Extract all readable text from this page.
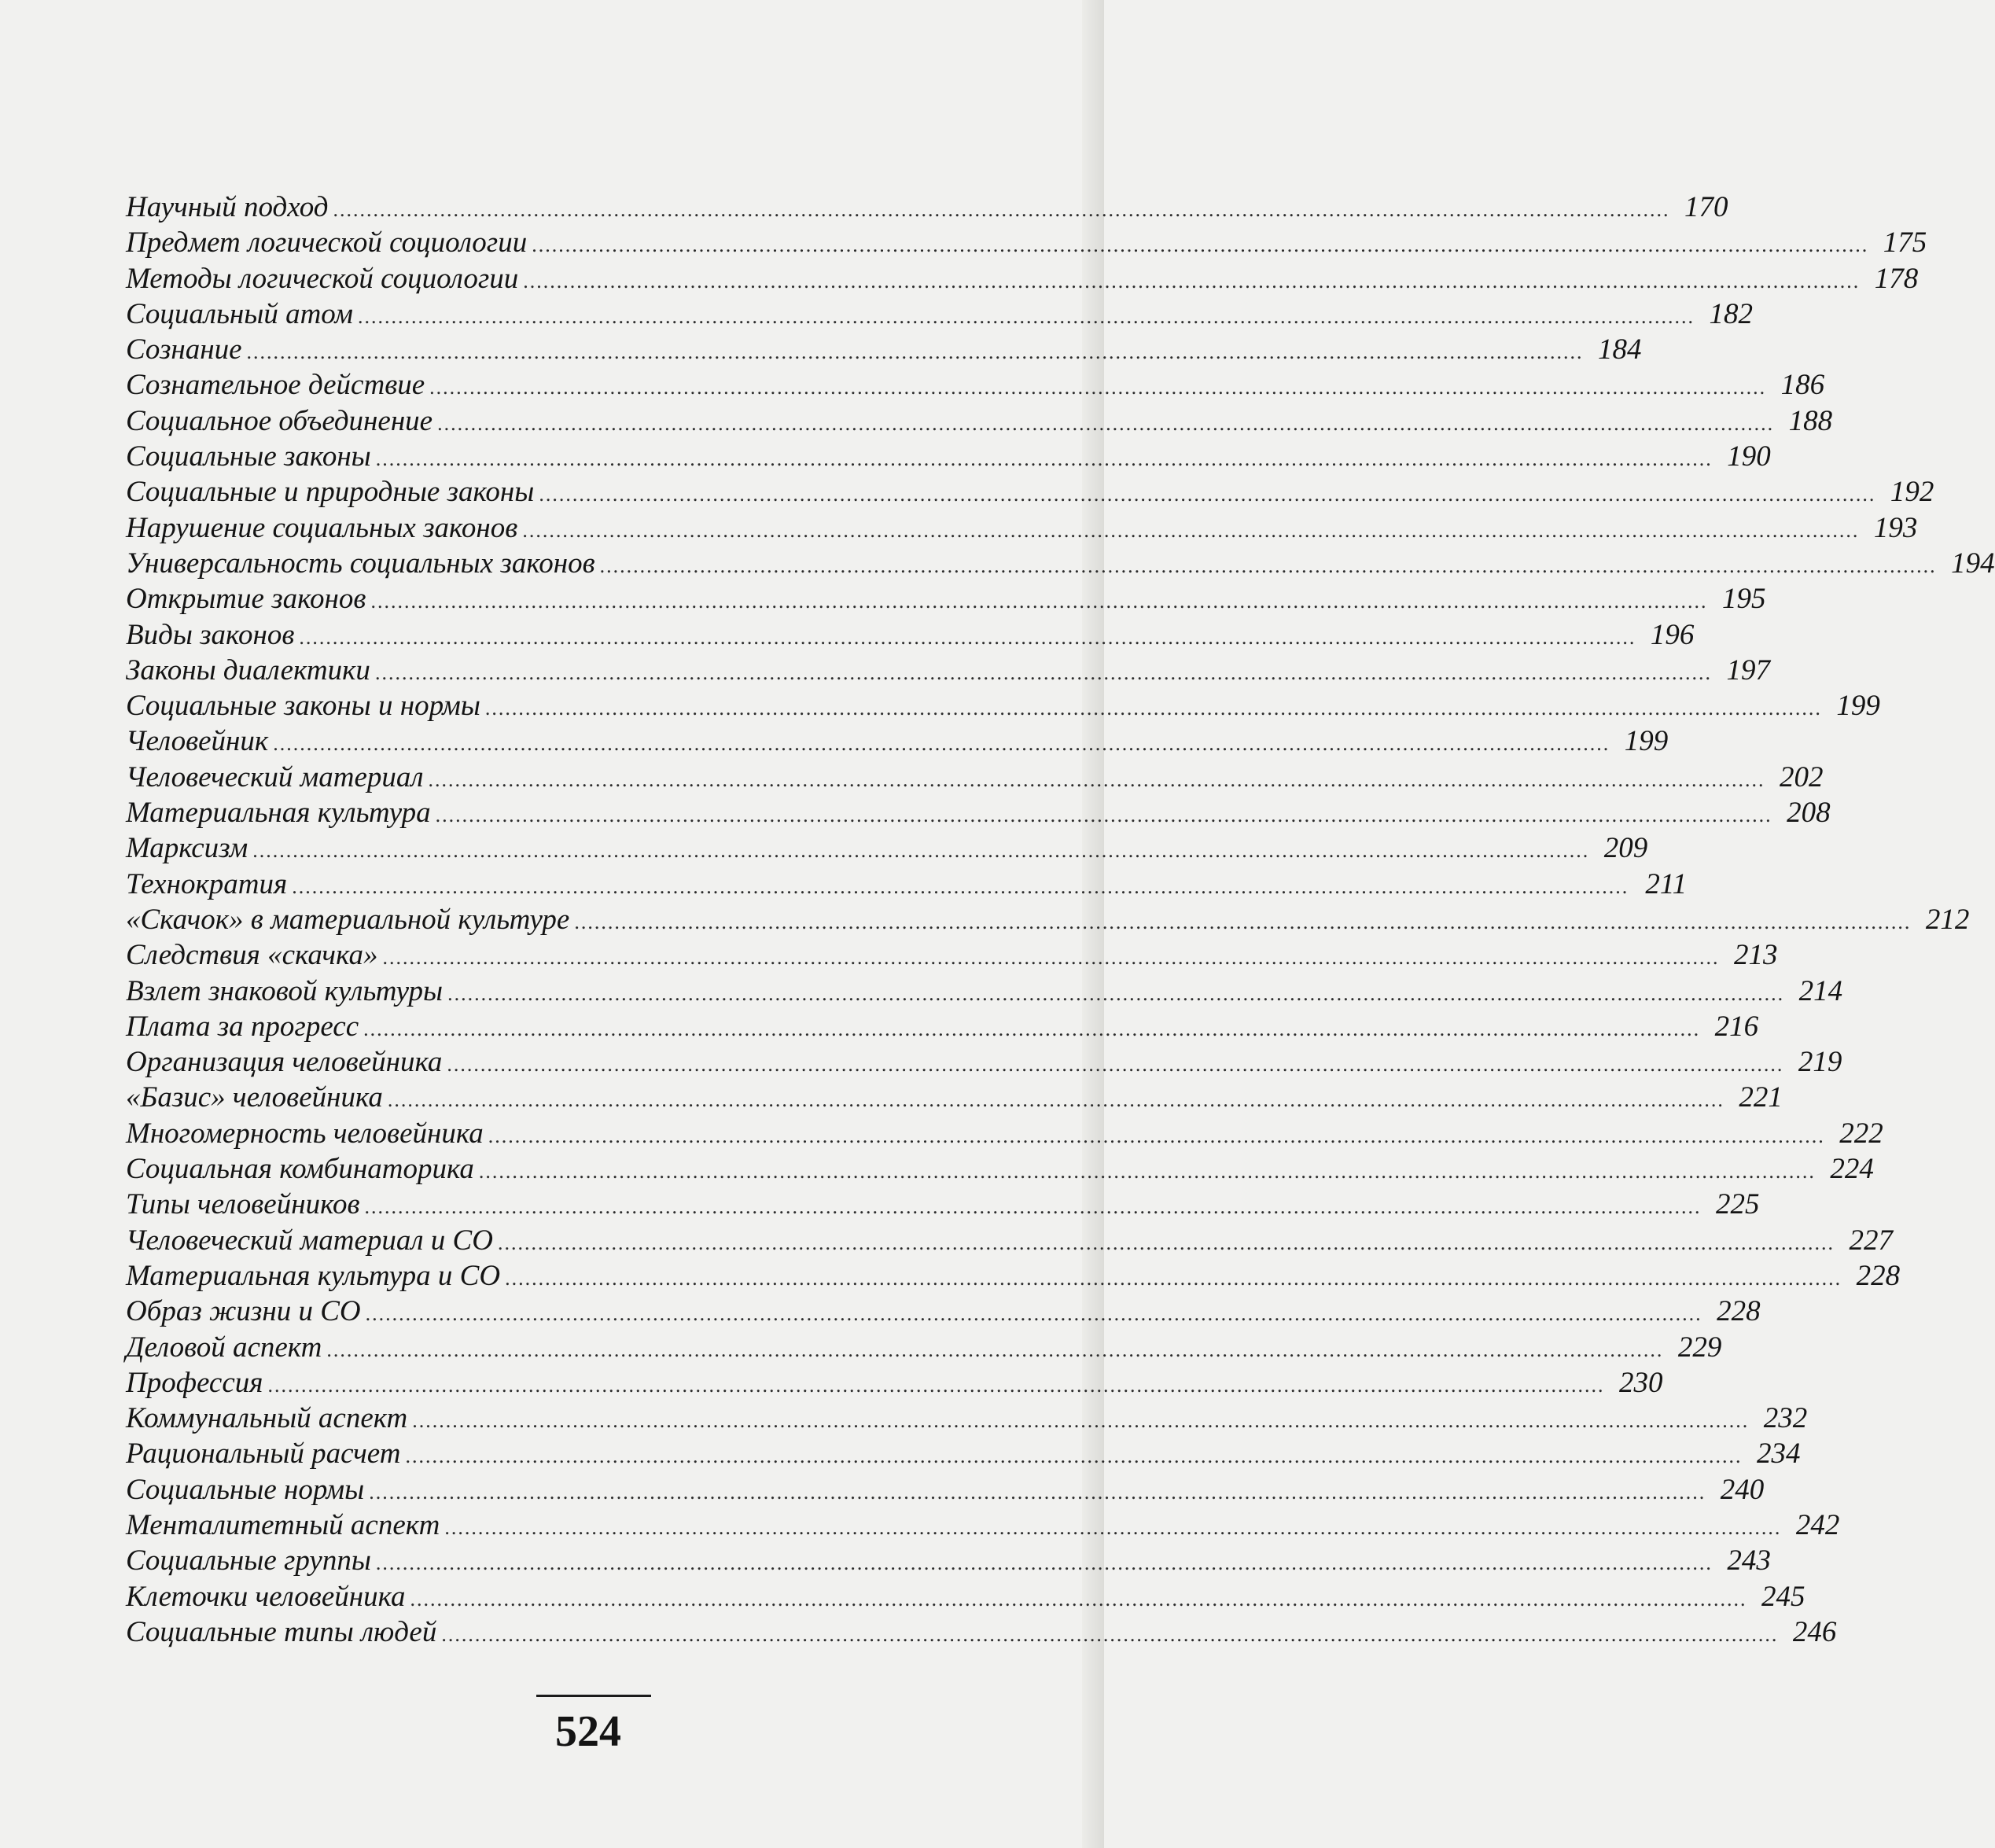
Научный подход ........................................................................................................................................................................................................ 170
Предмет логической социологии ........................................................................................................................................................................................................ 175
Методы логической социологии ........................................................................................................................................................................................................ 178
Социальный атом ........................................................................................................................................................................................................ 182
Сознание ........................................................................................................................................................................................................ 184
Сознательное действие ........................................................................................................................................................................................................ 186
Социальное объединение ........................................................................................................................................................................................................ 188
Социальные законы ........................................................................................................................................................................................................ 190
Социальные и природные законы ........................................................................................................................................................................................................ 192
Нарушение социальных законов ........................................................................................................................................................................................................ 193
Универсальность социальных законов ........................................................................................................................................................................................................ 194
Открытие законов ........................................................................................................................................................................................................ 195
Виды законов ........................................................................................................................................................................................................ 196
Законы диалектики ........................................................................................................................................................................................................ 197
Социальные законы и нормы ........................................................................................................................................................................................................ 199
Человейник ........................................................................................................................................................................................................ 199
Человеческий материал ........................................................................................................................................................................................................ 202
Материальная культура ........................................................................................................................................................................................................ 208
Марксизм ........................................................................................................................................................................................................ 209
Технократия ........................................................................................................................................................................................................ 211
«Скачок» в материальной культуре ........................................................................................................................................................................................................ 212
Следствия «скачка» ........................................................................................................................................................................................................ 213
Взлет знаковой культуры ........................................................................................................................................................................................................ 214
Плата за прогресс ........................................................................................................................................................................................................ 216
Организация человейника ........................................................................................................................................................................................................ 219
«Базис» человейника ........................................................................................................................................................................................................ 221
Многомерность человейника ........................................................................................................................................................................................................ 222
Социальная комбинаторика ........................................................................................................................................................................................................ 224
Типы человейников ........................................................................................................................................................................................................ 225
Человеческий материал и СО ........................................................................................................................................................................................................ 227
Материальная культура и СО ........................................................................................................................................................................................................ 228
Образ жизни и СО ........................................................................................................................................................................................................ 228
Деловой аспект ........................................................................................................................................................................................................ 229
Профессия ........................................................................................................................................................................................................ 230
Коммунальный аспект ........................................................................................................................................................................................................ 232
Рациональный расчет ........................................................................................................................................................................................................ 234
Социальные нормы ........................................................................................................................................................................................................ 240
Менталитетный аспект ........................................................................................................................................................................................................ 242
Социальные группы ........................................................................................................................................................................................................ 243
Клеточки человейника ........................................................................................................................................................................................................ 245
Социальные типы людей ........................................................................................................................................................................................................ 246
524
